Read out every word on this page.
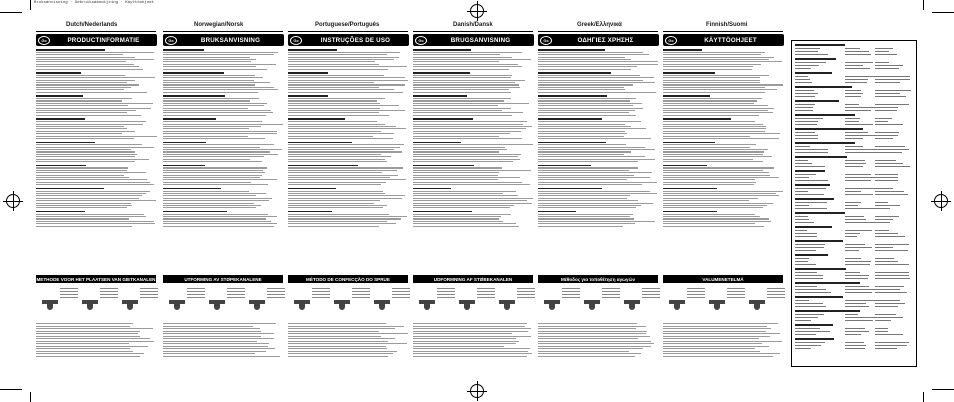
Bruksanvisning · Gebruiksaanwijzing · Käyttöohjeet
Dutch/Nederlands	Norwegian/Norsk	Portuguese/Português	Danish/Dansk	Greek/Ελληνικά	Finnish/Suomi
Gc	PRODUCTINFORMATIE	Gc	BRUKSANVISNING	Gc	INSTRUÇÕES DE USO	Gc	BRUGSANVISNING	Gc	ΟΔΗΓΙΕΣ ΧΡΗΣΗΣ	Gc	KÄYTTÖOHJEET
METHODE VOOR HET PLAATSEN VAN GIETKANALEN	UTFORMING AV STØPEKANALENE	MÉTODO DE CONFECÇÃO DO SPRUE	UDFORMNING AF STØBEKANALEN	Μέθοδος για τοποθέτηση αγωγών	VALUMENETELMÄ
